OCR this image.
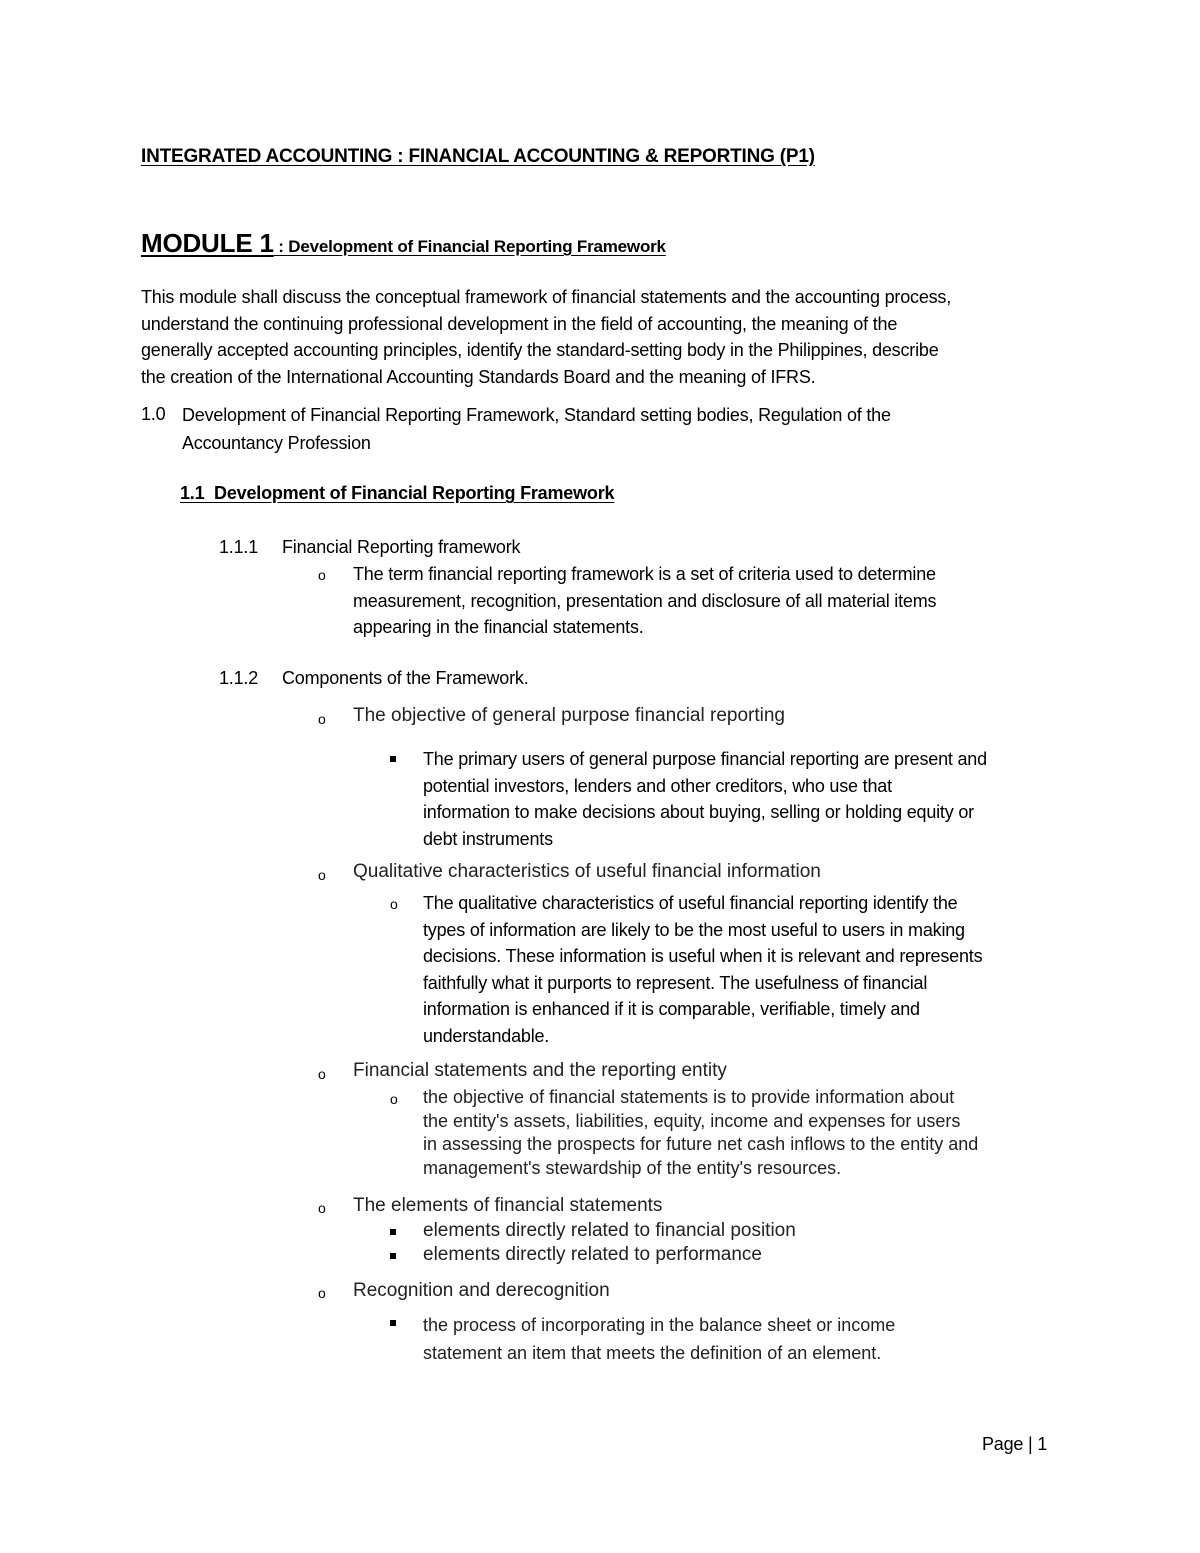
INTEGRATED ACCOUNTING : FINANCIAL ACCOUNTING & REPORTING (P1)
MODULE 1 : Development of Financial Reporting Framework
This module shall discuss the conceptual framework of financial statements and the accounting process,
understand the continuing professional development in the field of accounting, the meaning of the
generally accepted accounting principles, identify the standard-setting body in the Philippines, describe
the creation of the International Accounting Standards Board and the meaning of IFRS.
1.0 Development of Financial Reporting Framework, Standard setting bodies, Regulation of the
Accountancy Profession
1.1 Development of Financial Reporting Framework
1.1.1 Financial Reporting framework
o The term financial reporting framework is a set of criteria used to determine
measurement, recognition, presentation and disclosure of all material items
appearing in the financial statements.
1.1.2 Components of the Framework.
o The objective of general purpose financial reporting
The primary users of general purpose financial reporting are present and
potential investors, lenders and other creditors, who use that
information to make decisions about buying, selling or holding equity or
debt instruments
o Qualitative characteristics of useful financial information
o The qualitative characteristics of useful financial reporting identify the
types of information are likely to be the most useful to users in making
decisions. These information is useful when it is relevant and represents
faithfully what it purports to represent. The usefulness of financial
information is enhanced if it is comparable, verifiable, timely and
understandable.
o Financial statements and the reporting entity
o the objective of financial statements is to provide information about
the entity's assets, liabilities, equity, income and expenses for users
in assessing the prospects for future net cash inflows to the entity and
management's stewardship of the entity's resources.
o The elements of financial statements
elements directly related to financial position
elements directly related to performance
o Recognition and derecognition
the process of incorporating in the balance sheet or income
statement an item that meets the definition of an element.
Page | 1
